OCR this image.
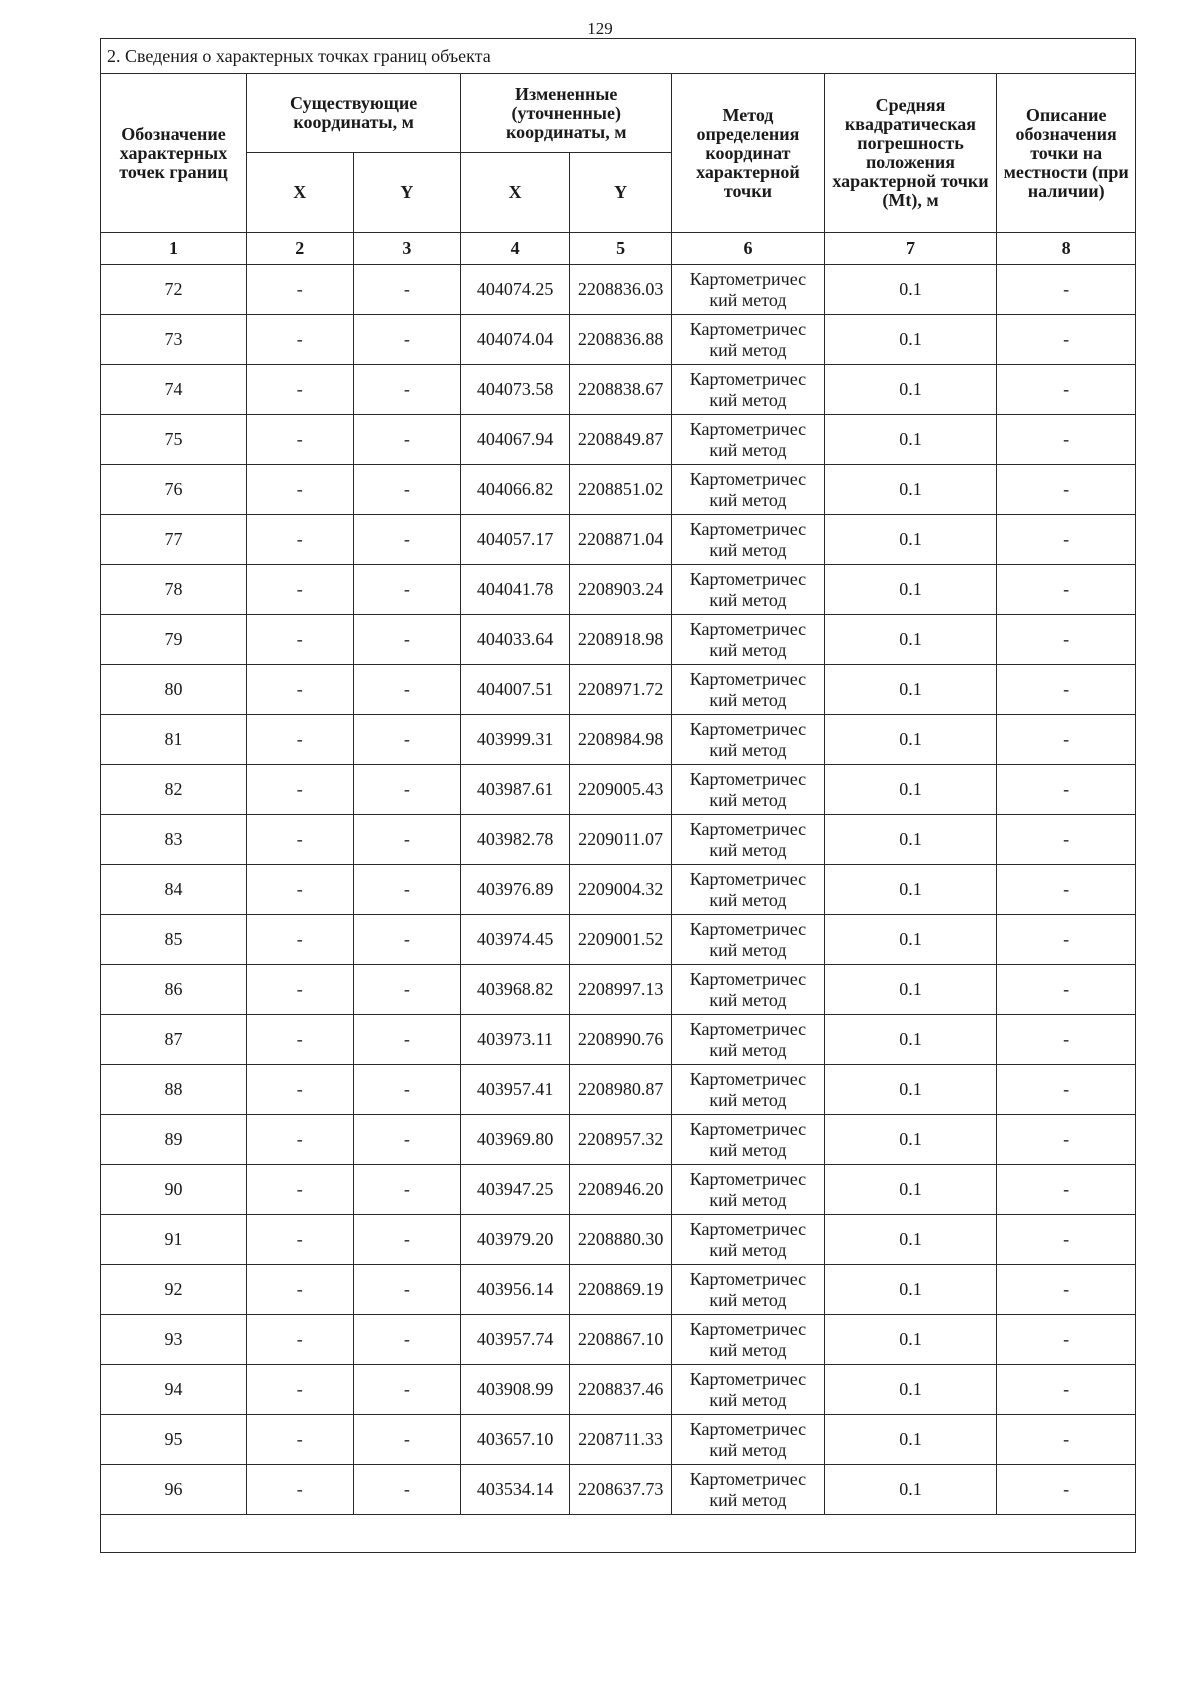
129
2. Сведения о характерных точках границ объекта							
Обозначение характерных точек границ	Существующие координаты, м		Измененные (уточненные) координаты, м		Метод определения координат характерной точки	Средняя квадратическая погрешность положения характерной точки (Mt), м	Описание обозначения точки на местности (при наличии)
	X	Y	X	Y			
1	2	3	4	5	6	7	8
72	-	-	404074.25	2208836.03	Картометричес кий метод	0.1	-
73	-	-	404074.04	2208836.88	Картометричес кий метод	0.1	-
74	-	-	404073.58	2208838.67	Картометричес кий метод	0.1	-
75	-	-	404067.94	2208849.87	Картометричес кий метод	0.1	-
76	-	-	404066.82	2208851.02	Картометричес кий метод	0.1	-
77	-	-	404057.17	2208871.04	Картометричес кий метод	0.1	-
78	-	-	404041.78	2208903.24	Картометричес кий метод	0.1	-
79	-	-	404033.64	2208918.98	Картометричес кий метод	0.1	-
80	-	-	404007.51	2208971.72	Картометричес кий метод	0.1	-
81	-	-	403999.31	2208984.98	Картометричес кий метод	0.1	-
82	-	-	403987.61	2209005.43	Картометричес кий метод	0.1	-
83	-	-	403982.78	2209011.07	Картометричес кий метод	0.1	-
84	-	-	403976.89	2209004.32	Картометричес кий метод	0.1	-
85	-	-	403974.45	2209001.52	Картометричес кий метод	0.1	-
86	-	-	403968.82	2208997.13	Картометричес кий метод	0.1	-
87	-	-	403973.11	2208990.76	Картометричес кий метод	0.1	-
88	-	-	403957.41	2208980.87	Картометричес кий метод	0.1	-
89	-	-	403969.80	2208957.32	Картометричес кий метод	0.1	-
90	-	-	403947.25	2208946.20	Картометричес кий метод	0.1	-
91	-	-	403979.20	2208880.30	Картометричес кий метод	0.1	-
92	-	-	403956.14	2208869.19	Картометричес кий метод	0.1	-
93	-	-	403957.74	2208867.10	Картометричес кий метод	0.1	-
94	-	-	403908.99	2208837.46	Картометричес кий метод	0.1	-
95	-	-	403657.10	2208711.33	Картометричес кий метод	0.1	-
96	-	-	403534.14	2208637.73	Картометричес кий метод	0.1	-
